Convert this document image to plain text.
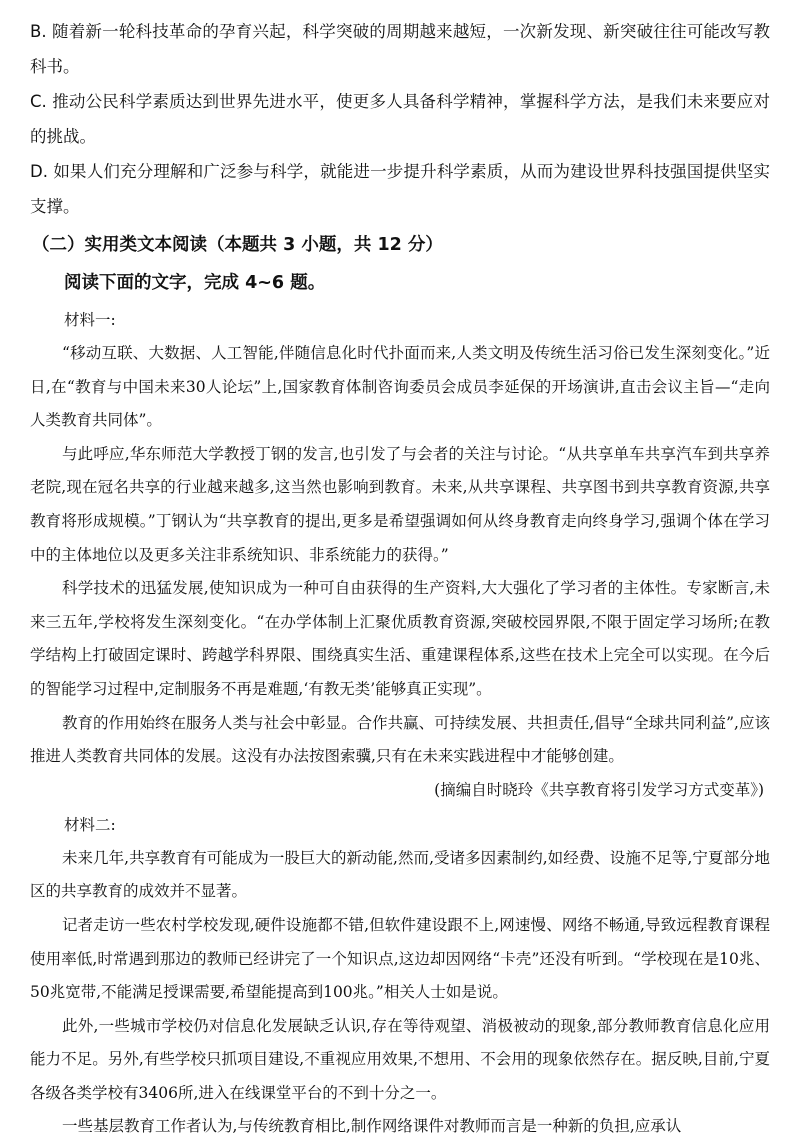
B. 随着新一轮科技革命的孕育兴起，科学突破的周期越来越短，一次新发现、新突破往往可能改写教科书。

C. 推动公民科学素质达到世界先进水平，使更多人具备科学精神，掌握科学方法，是我们未来要应对的挑战。

D. 如果人们充分理解和广泛参与科学，就能进一步提升科学素质，从而为建设世界科技强国提供坚实支撑。

（二）实用类文本阅读（本题共 3 小题，共 12 分）
阅读下面的文字，完成 4~6 题。
材料一:

“移动互联、大数据、人工智能,伴随信息化时代扑面而来,人类文明及传统生活习俗已发生深刻变化。”近日,在“教育与中国未来30人论坛”上,国家教育体制咨询委员会成员李延保的开场演讲,直击会议主旨—“走向人类教育共同体”。

与此呼应,华东师范大学教授丁钢的发言,也引发了与会者的关注与讨论。“从共享单车共享汽车到共享养老院,现在冠名共享的行业越来越多,这当然也影响到教育。未来,从共享课程、共享图书到共享教育资源,共享教育将形成规模。”丁钢认为“共享教育的提出,更多是希望强调如何从终身教育走向终身学习,强调个体在学习中的主体地位以及更多关注非系统知识、非系统能力的获得。”

科学技术的迅猛发展,使知识成为一种可自由获得的生产资料,大大强化了学习者的主体性。专家断言,未来三五年,学校将发生深刻变化。“在办学体制上汇聚优质教育资源,突破校园界限,不限于固定学习场所;在教学结构上打破固定课时、跨越学科界限、围绕真实生活、重建课程体系,这些在技术上完全可以实现。在今后的智能学习过程中,定制服务不再是难题,‘有教无类’能够真正实现”。

教育的作用始终在服务人类与社会中彰显。合作共赢、可持续发展、共担责任,倡导“全球共同利益”,应该推进人类教育共同体的发展。这没有办法按图索骥,只有在未来实践进程中才能够创建。

(摘编自时晓玲《共享教育将引发学习方式变革》)
材料二:

未来几年,共享教育有可能成为一股巨大的新动能,然而,受诸多因素制约,如经费、设施不足等,宁夏部分地区的共享教育的成效并不显著。

记者走访一些农村学校发现,硬件设施都不错,但软件建设跟不上,网速慢、网络不畅通,导致远程教育课程使用率低,时常遇到那边的教师已经讲完了一个知识点,这边却因网络“卡壳”还没有听到。“学校现在是10兆、50兆宽带,不能满足授课需要,希望能提高到100兆。”相关人士如是说。

此外,一些城市学校仍对信息化发展缺乏认识,存在等待观望、消极被动的现象,部分教师教育信息化应用能力不足。另外,有些学校只抓项目建设,不重视应用效果,不想用、不会用的现象依然存在。据反映,目前,宁夏各级各类学校有3406所,进入在线课堂平台的不到十分之一。

一些基层教育工作者认为,与传统教育相比,制作网络课件对教师而言是一种新的负担,应承认
